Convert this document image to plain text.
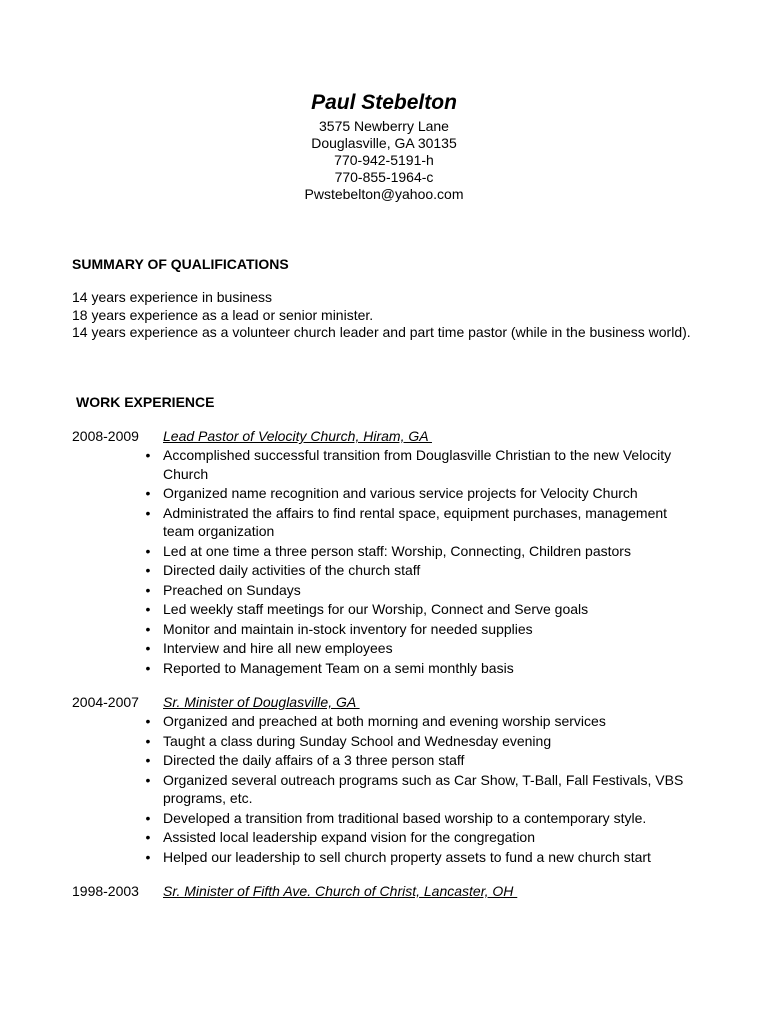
Paul Stebelton
3575 Newberry Lane
Douglasville, GA 30135
770-942-5191-h
770-855-1964-c
Pwstebelton@yahoo.com
SUMMARY OF QUALIFICATIONS
14 years experience in business
18 years experience as a lead or senior minister.
14 years experience as a volunteer church leader and part time pastor (while in the business world).
WORK EXPERIENCE
2008-2009 Lead Pastor of Velocity Church, Hiram, GA
• Accomplished successful transition from Douglasville Christian to the new Velocity Church
• Organized name recognition and various service projects for Velocity Church
• Administrated the affairs to find rental space, equipment purchases, management team organization
• Led at one time a three person staff: Worship, Connecting, Children pastors
• Directed daily activities of the church staff
• Preached on Sundays
• Led weekly staff meetings for our Worship, Connect and Serve goals
• Monitor and maintain in-stock inventory for needed supplies
• Interview and hire all new employees
• Reported to Management Team on a semi monthly basis
2004-2007 Sr. Minister of Douglasville, GA
• Organized and preached at both morning and evening worship services
• Taught a class during Sunday School and Wednesday evening
• Directed the daily affairs of a 3 three person staff
• Organized several outreach programs such as Car Show, T-Ball, Fall Festivals, VBS programs, etc.
• Developed a transition from traditional based worship to a contemporary style.
• Assisted local leadership expand vision for the congregation
• Helped our leadership to sell church property assets to fund a new church start
1998-2003 Sr. Minister of Fifth Ave. Church of Christ, Lancaster, OH
